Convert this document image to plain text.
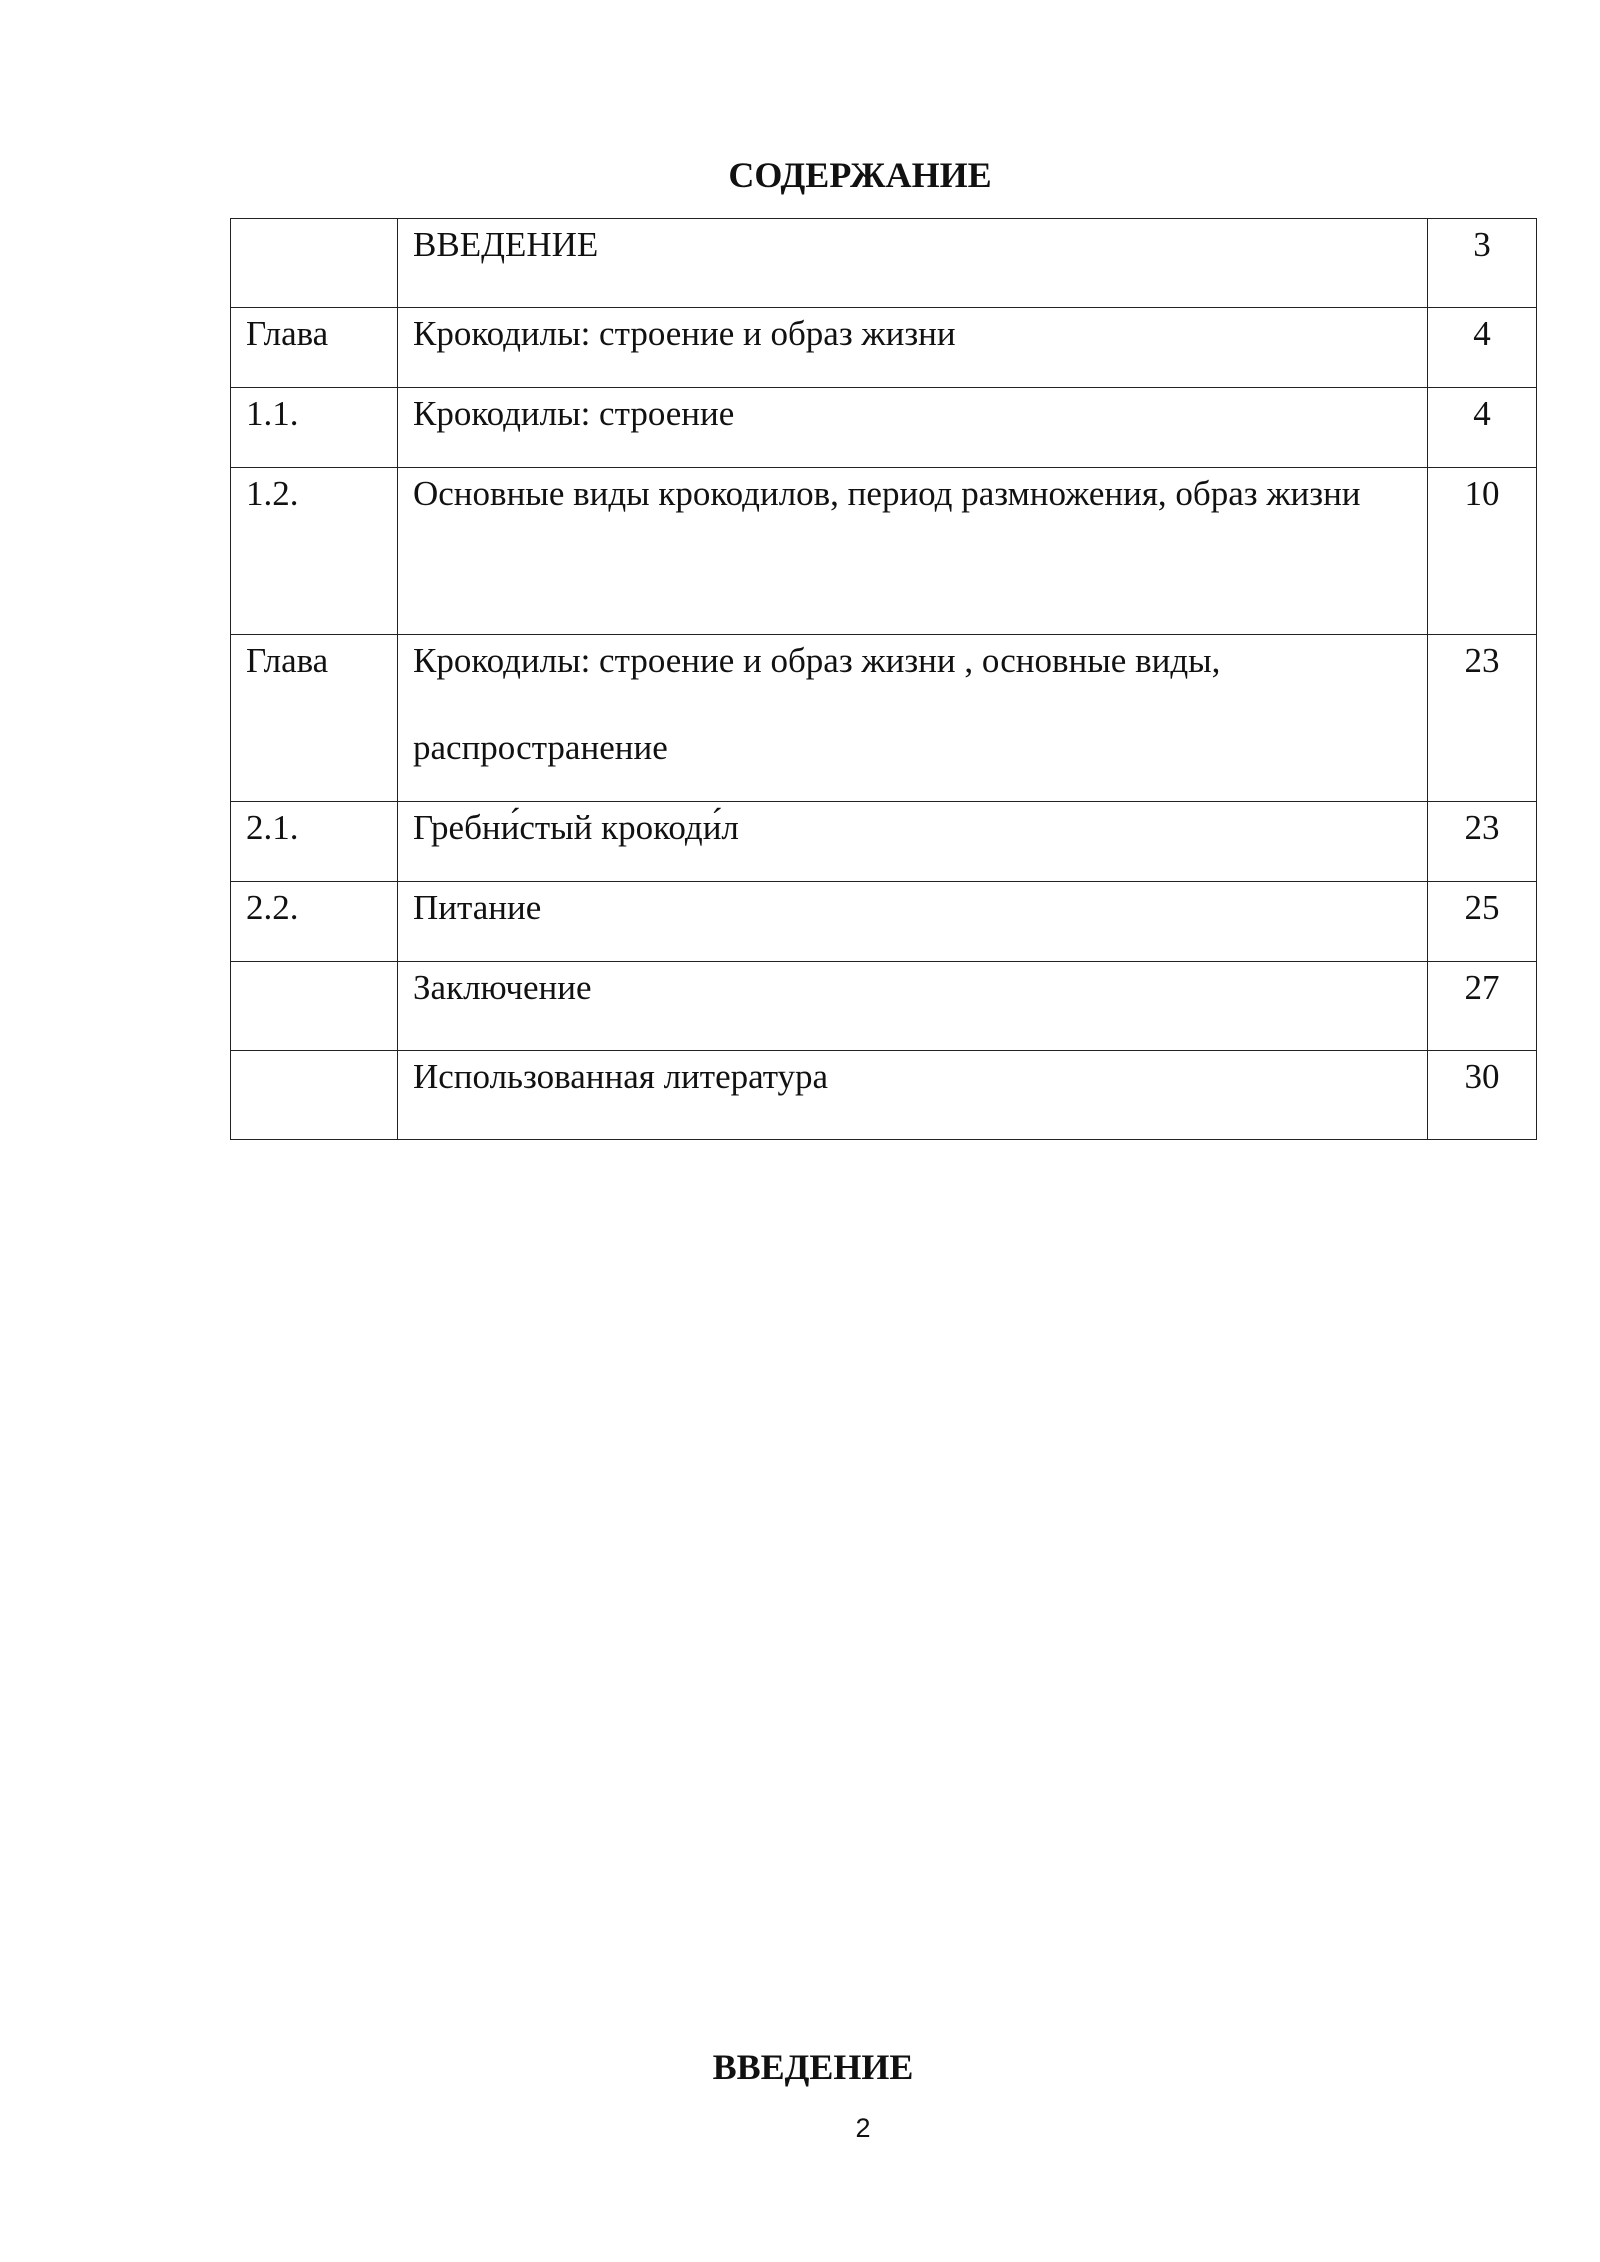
СОДЕРЖАНИЕ

	ВВЕДЕНИЕ	3

Глава	Крокодилы: строение и образ жизни	4

1.1.	Крокодилы: строение	4

1.2.	Основные виды крокодилов, период размножения, образ жизни	10

Глава	Крокодилы: строение и образ жизни , основные виды, распространение	23

2.1.	Гребни́стый крокоди́л	23

2.2.	Питание	25

	Заключение	27

	Использованная литература	30
ВВЕДЕНИЕ
2
